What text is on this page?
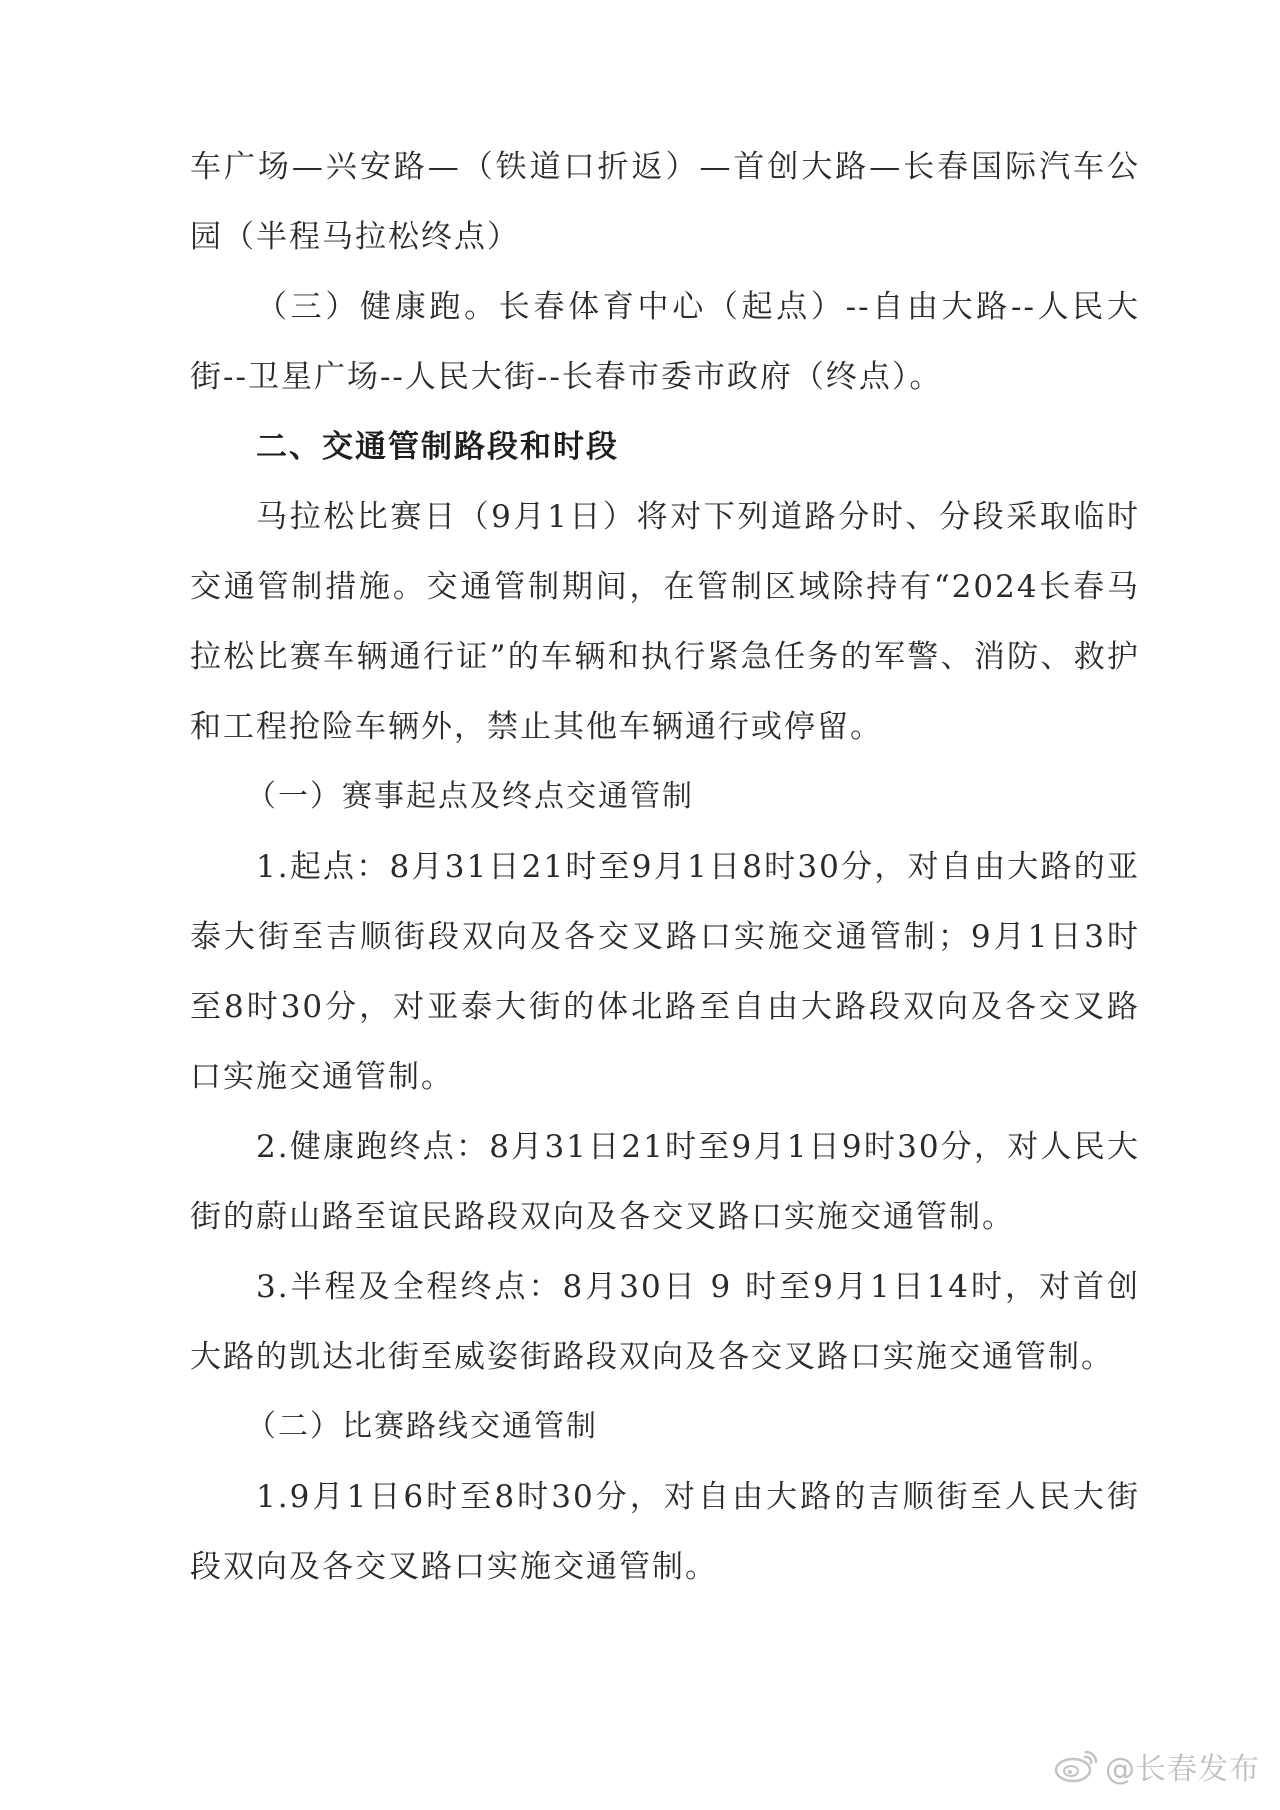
车广场—兴安路—（铁道口折返）—首创大路—长春国际汽车公园（半程马拉松终点）

（三）健康跑。长春体育中心（起点）--自由大路--人民大街--卫星广场--人民大街--长春市委市政府（终点）。

二、交通管制路段和时段

马拉松比赛日（9月1日）将对下列道路分时、分段采取临时交通管制措施。交通管制期间，在管制区域除持有“2024长春马拉松比赛车辆通行证”的车辆和执行紧急任务的军警、消防、救护和工程抢险车辆外，禁止其他车辆通行或停留。

（一）赛事起点及终点交通管制

1.起点：8月31日21时至9月1日8时30分，对自由大路的亚泰大街至吉顺街段双向及各交叉路口实施交通管制；9月1日3时至8时30分，对亚泰大街的体北路至自由大路段双向及各交叉路口实施交通管制。

2.健康跑终点：8月31日21时至9月1日9时30分，对人民大街的蔚山路至谊民路段双向及各交叉路口实施交通管制。

3.半程及全程终点：8月30日 9 时至9月1日14时，对首创大路的凯达北街至威姿街路段双向及各交叉路口实施交通管制。

（二）比赛路线交通管制

1.9月1日6时至8时30分，对自由大路的吉顺街至人民大街段双向及各交叉路口实施交通管制。

@长春发布
